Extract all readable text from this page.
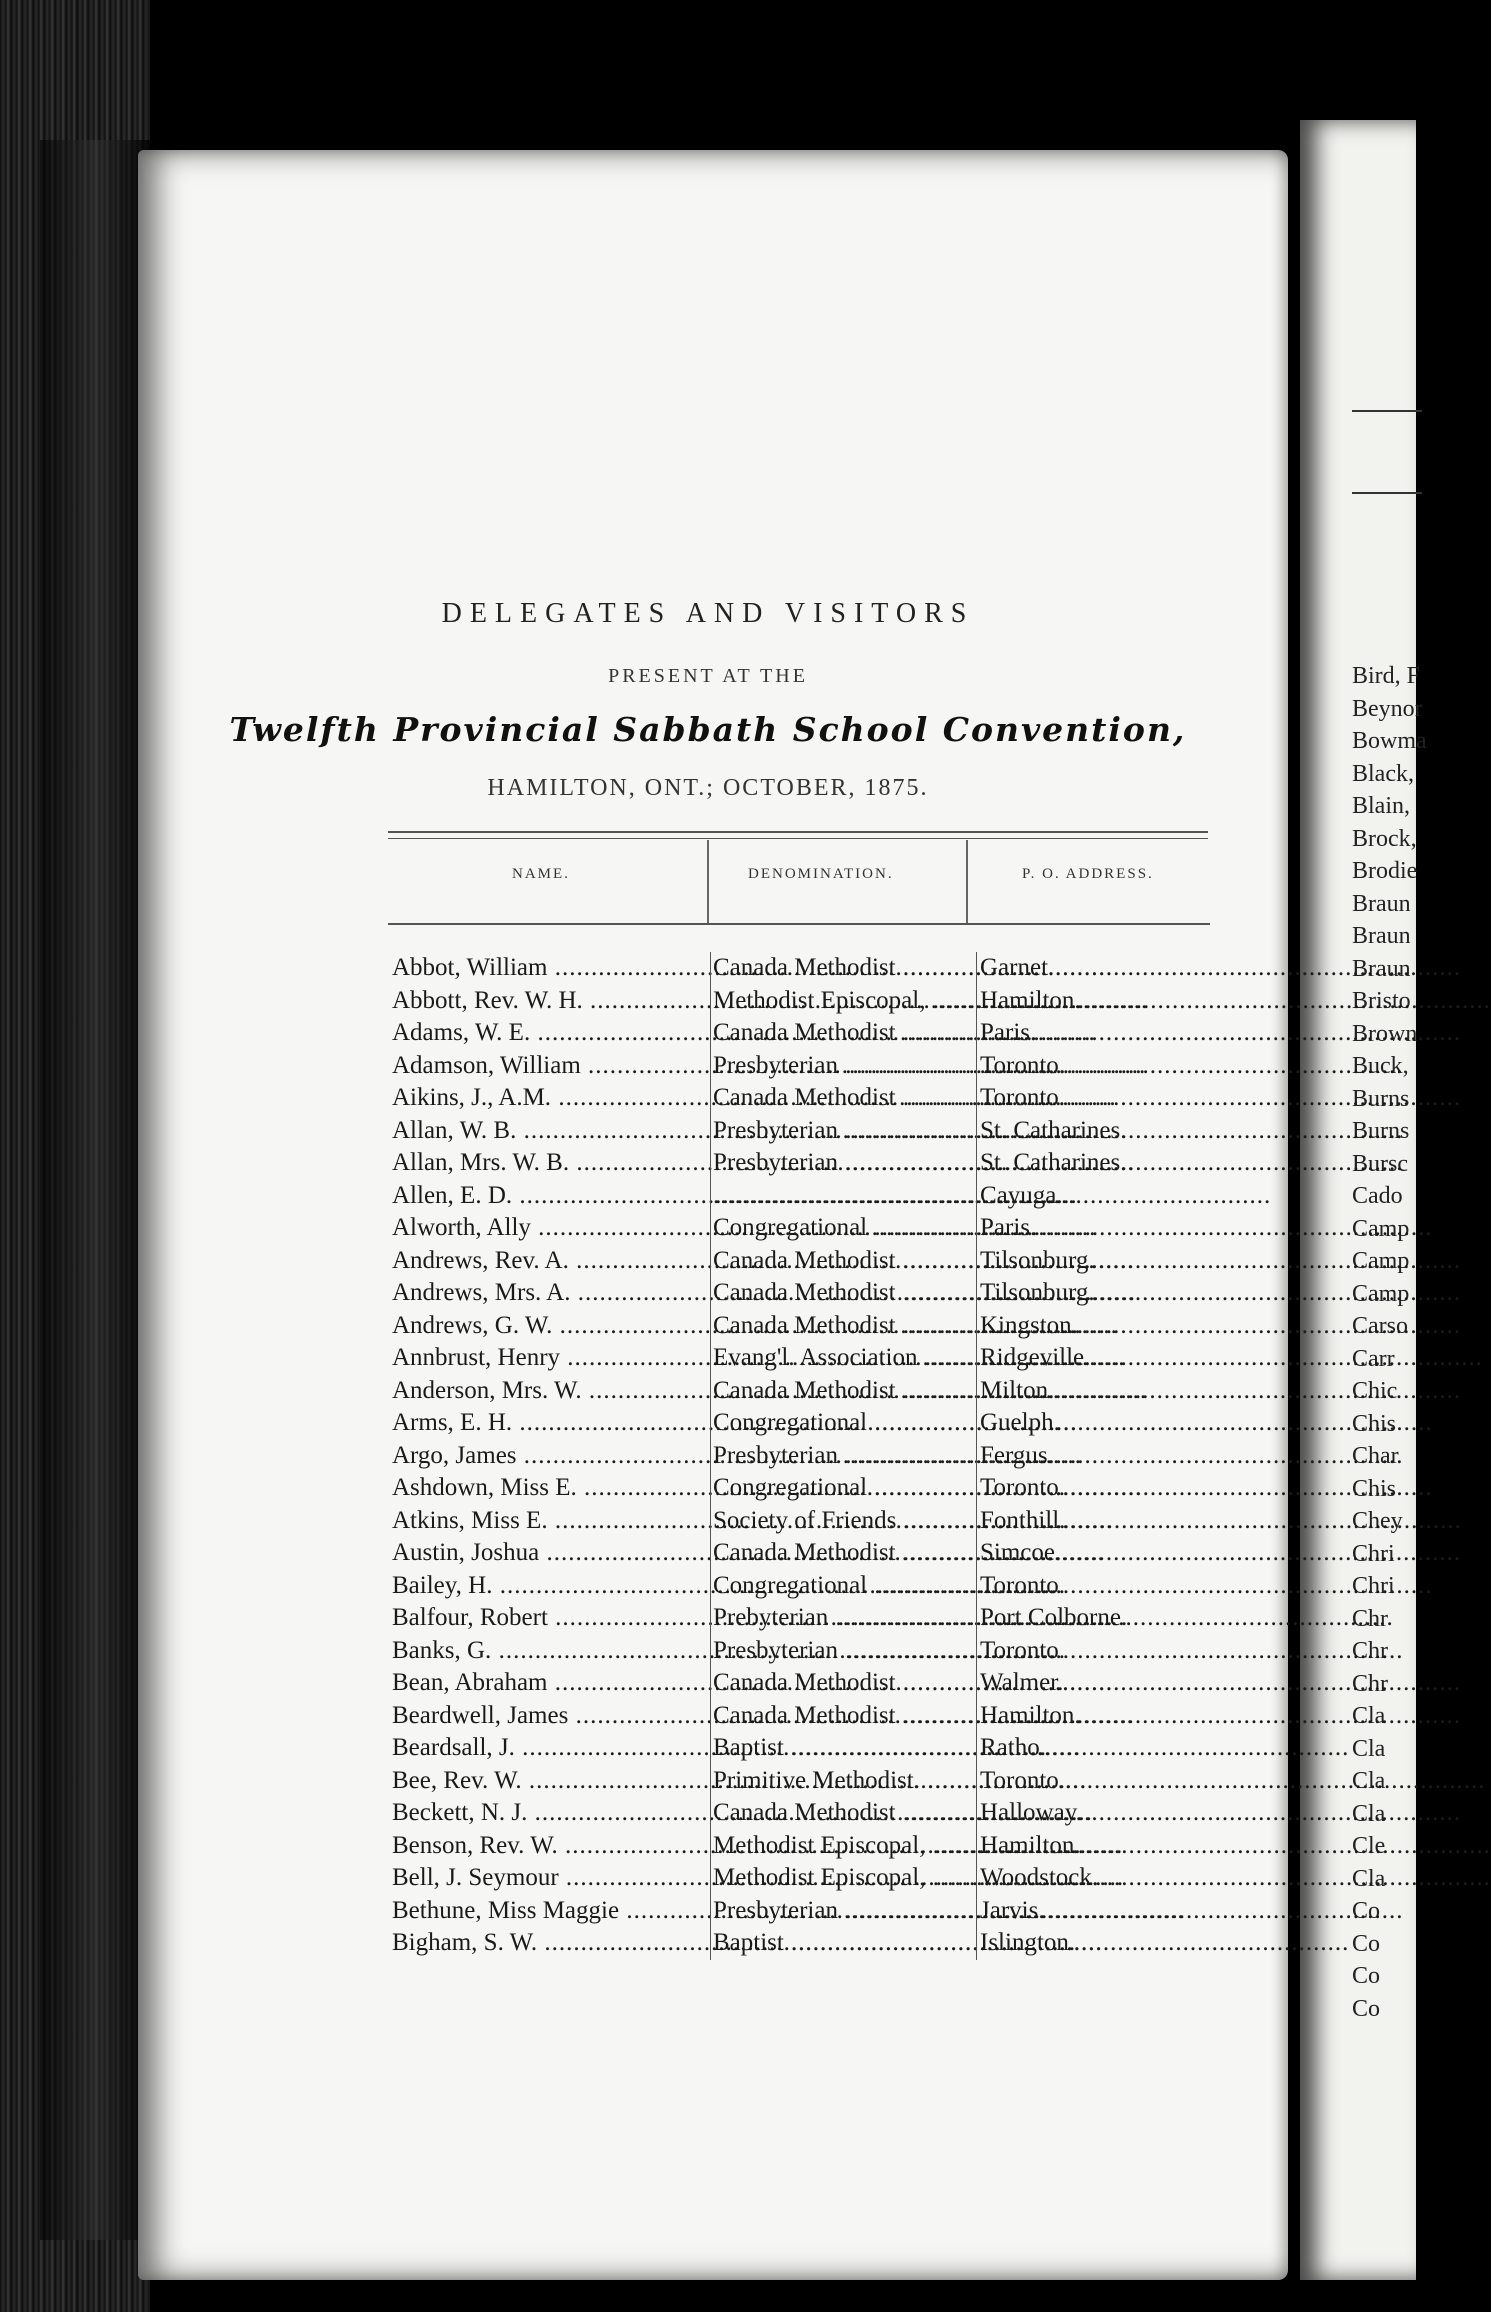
Bird, F
Beynor
Bowma
Black,
Blain,
Brock,
Brodie
Braun
Braun
Braun
Bristo
Brown
Buck,
Burns
Burns
Bursc
Cado
Camp
Camp
Camp
Carso
Carr
Chic
Chis
Char
Chis
Chey
Chri
Chri
Chr
Chr
Chr
Cla
Cla
Cla
Cla
Cle
Cla
Co
Co
Co
Co
DELEGATES AND VISITORS
PRESENT AT THE
Twelfth Provincial Sabbath School Convention,
HAMILTON, ONT.; OCTOBER, 1875.
NAME.	DENOMINATION.	P. O. ADDRESS.
Abbot, William .....	Canada Methodist .....	Garnet.
Abbott, Rev. W. H. .....	Methodist Episcopal, .....	Hamilton.
Adams, W. E. .....	Canada Methodist .....	Paris.
Adamson, William .....	Presbyterian .....	Toronto.
Aikins, J., A.M. .....	Canada Methodist .....	Toronto.
Allan, W. B. .....	Presbyterian .....	St. Catharines.
Allan, Mrs. W. B. .....	Presbyterian .....	St. Catharines.
Allen, E. D. .....
.....	Cayuga.
Alworth, Ally .....	Congregational .....	Paris.
Andrews, Rev. A. .....	Canada Methodist .....	Tilsonburg.
Andrews, Mrs. A. .....	Canada Methodist .....	Tilsonburg.
Andrews, G. W. .....	Canada Methodist .....	Kingston.
Annbrust, Henry .....	Evang'l. Association .....	Ridgeville.
Anderson, Mrs. W. .....	Canada Methodist .....	Milton.
Arms, E. H. .....	Congregational .....	Guelph.
Argo, James .....	Presbyterian .....	Fergus.
Ashdown, Miss E. .....	Congregational .....	Toronto.
Atkins, Miss E. .....	Society of Friends .....	Fonthill.
Austin, Joshua .....	Canada Methodist .....	Simcoe.
Bailey, H. .....	Congregational .....	Toronto.
Balfour, Robert .....	Prebyterian .....	Port Colborne.
Banks, G. .....	Presbyterian .....	Toronto.
Bean, Abraham .....	Canada Methodist .....	Walmer.
Beardwell, James .....	Canada Methodist .....	Hamilton.
Beardsall, J. .....	Baptist .....	Ratho.
Bee, Rev. W. .....	Primitive Methodist. .....	Toronto.
Beckett, N. J. .....	Canada Methodist .....	Halloway.
Benson, Rev. W. .....	Methodist Episcopal, .....	Hamilton.
Bell, J. Seymour .....	Methodist Episcopal, .....	Woodstock.
Bethune, Miss Maggie .....	Presbyterian .....	Jarvis.
Bigham, S. W. .....	Baptist .....	Islington.
